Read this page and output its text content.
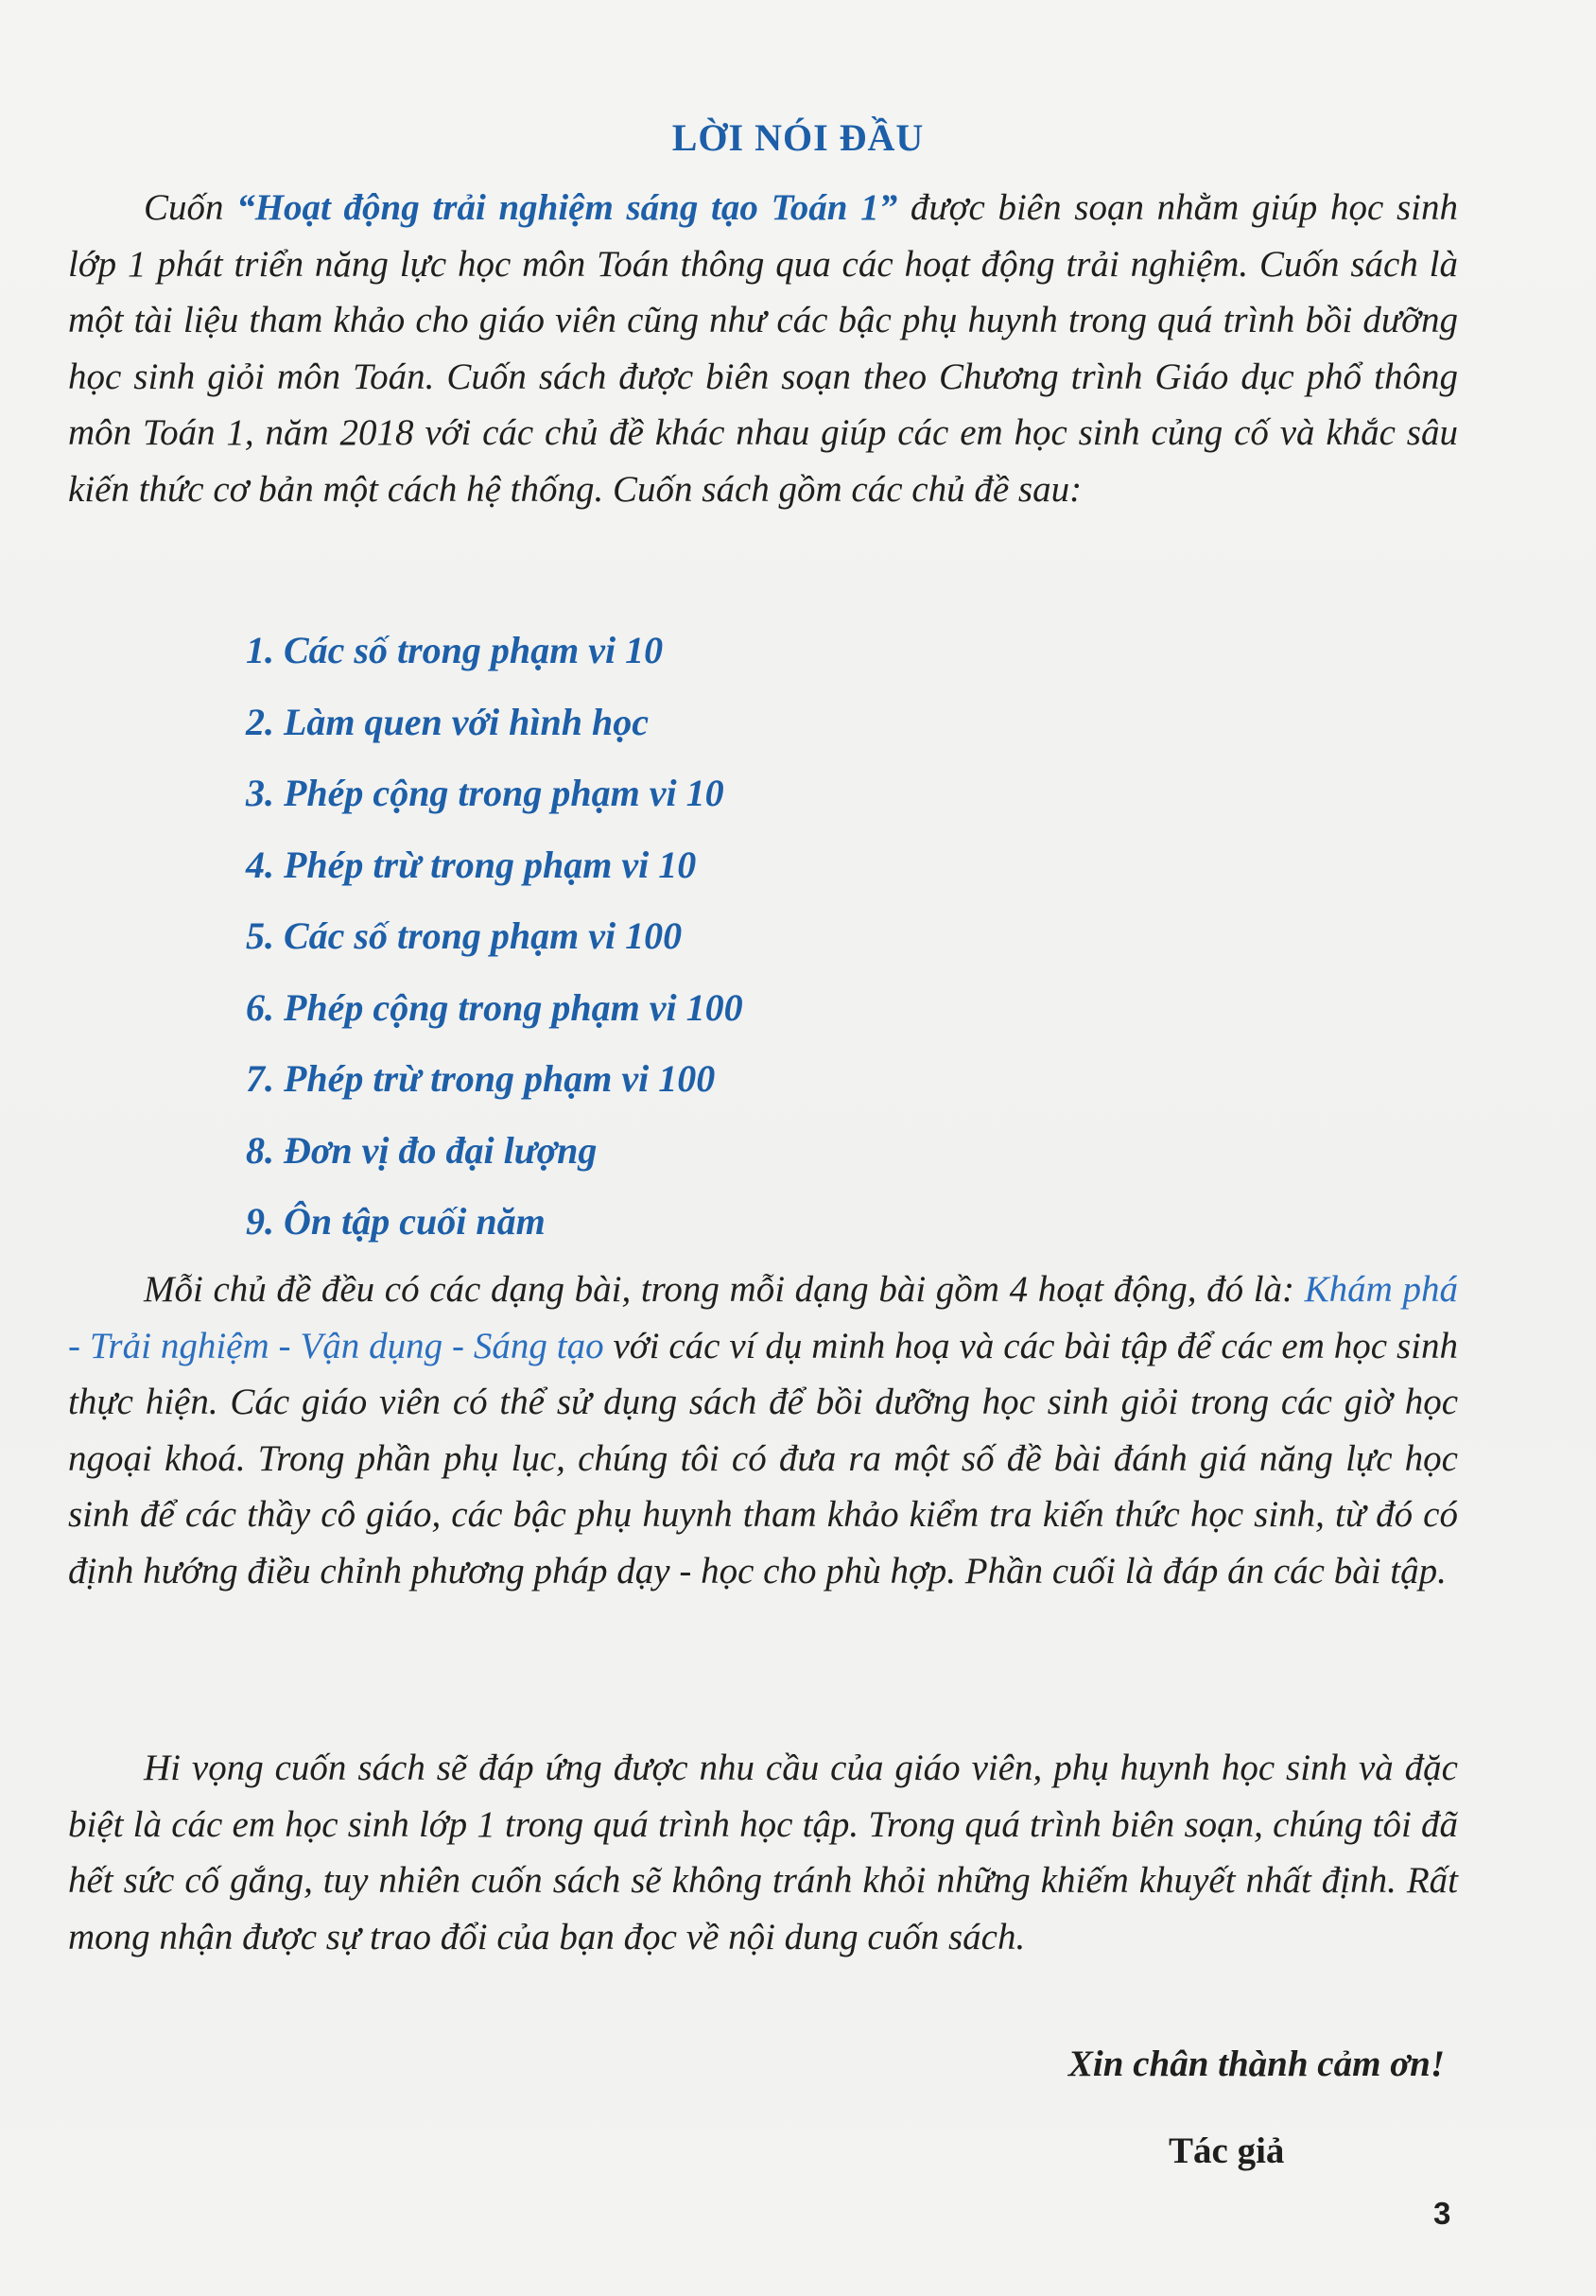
LỜI NÓI ĐẦU

Cuốn “Hoạt động trải nghiệm sáng tạo Toán 1” được biên soạn nhằm giúp học sinh lớp 1 phát triển năng lực học môn Toán thông qua các hoạt động trải nghiệm. Cuốn sách là một tài liệu tham khảo cho giáo viên cũng như các bậc phụ huynh trong quá trình bồi dưỡng học sinh giỏi môn Toán. Cuốn sách được biên soạn theo Chương trình Giáo dục phổ thông môn Toán 1, năm 2018 với các chủ đề khác nhau giúp các em học sinh củng cố và khắc sâu kiến thức cơ bản một cách hệ thống. Cuốn sách gồm các chủ đề sau:

1. Các số trong phạm vi 10
2. Làm quen với hình học
3. Phép cộng trong phạm vi 10
4. Phép trừ trong phạm vi 10
5. Các số trong phạm vi 100
6. Phép cộng trong phạm vi 100
7. Phép trừ trong phạm vi 100
8. Đơn vị đo đại lượng
9. Ôn tập cuối năm

Mỗi chủ đề đều có các dạng bài, trong mỗi dạng bài gồm 4 hoạt động, đó là: Khám phá - Trải nghiệm - Vận dụng - Sáng tạo với các ví dụ minh hoạ và các bài tập để các em học sinh thực hiện. Các giáo viên có thể sử dụng sách để bồi dưỡng học sinh giỏi trong các giờ học ngoại khoá. Trong phần phụ lục, chúng tôi có đưa ra một số đề bài đánh giá năng lực học sinh để các thầy cô giáo, các bậc phụ huynh tham khảo kiểm tra kiến thức học sinh, từ đó có định hướng điều chỉnh phương pháp dạy - học cho phù hợp. Phần cuối là đáp án các bài tập.

Hi vọng cuốn sách sẽ đáp ứng được nhu cầu của giáo viên, phụ huynh học sinh và đặc biệt là các em học sinh lớp 1 trong quá trình học tập. Trong quá trình biên soạn, chúng tôi đã hết sức cố gắng, tuy nhiên cuốn sách sẽ không tránh khỏi những khiếm khuyết nhất định. Rất mong nhận được sự trao đổi của bạn đọc về nội dung cuốn sách.

Xin chân thành cảm ơn!
Tác giả
3
